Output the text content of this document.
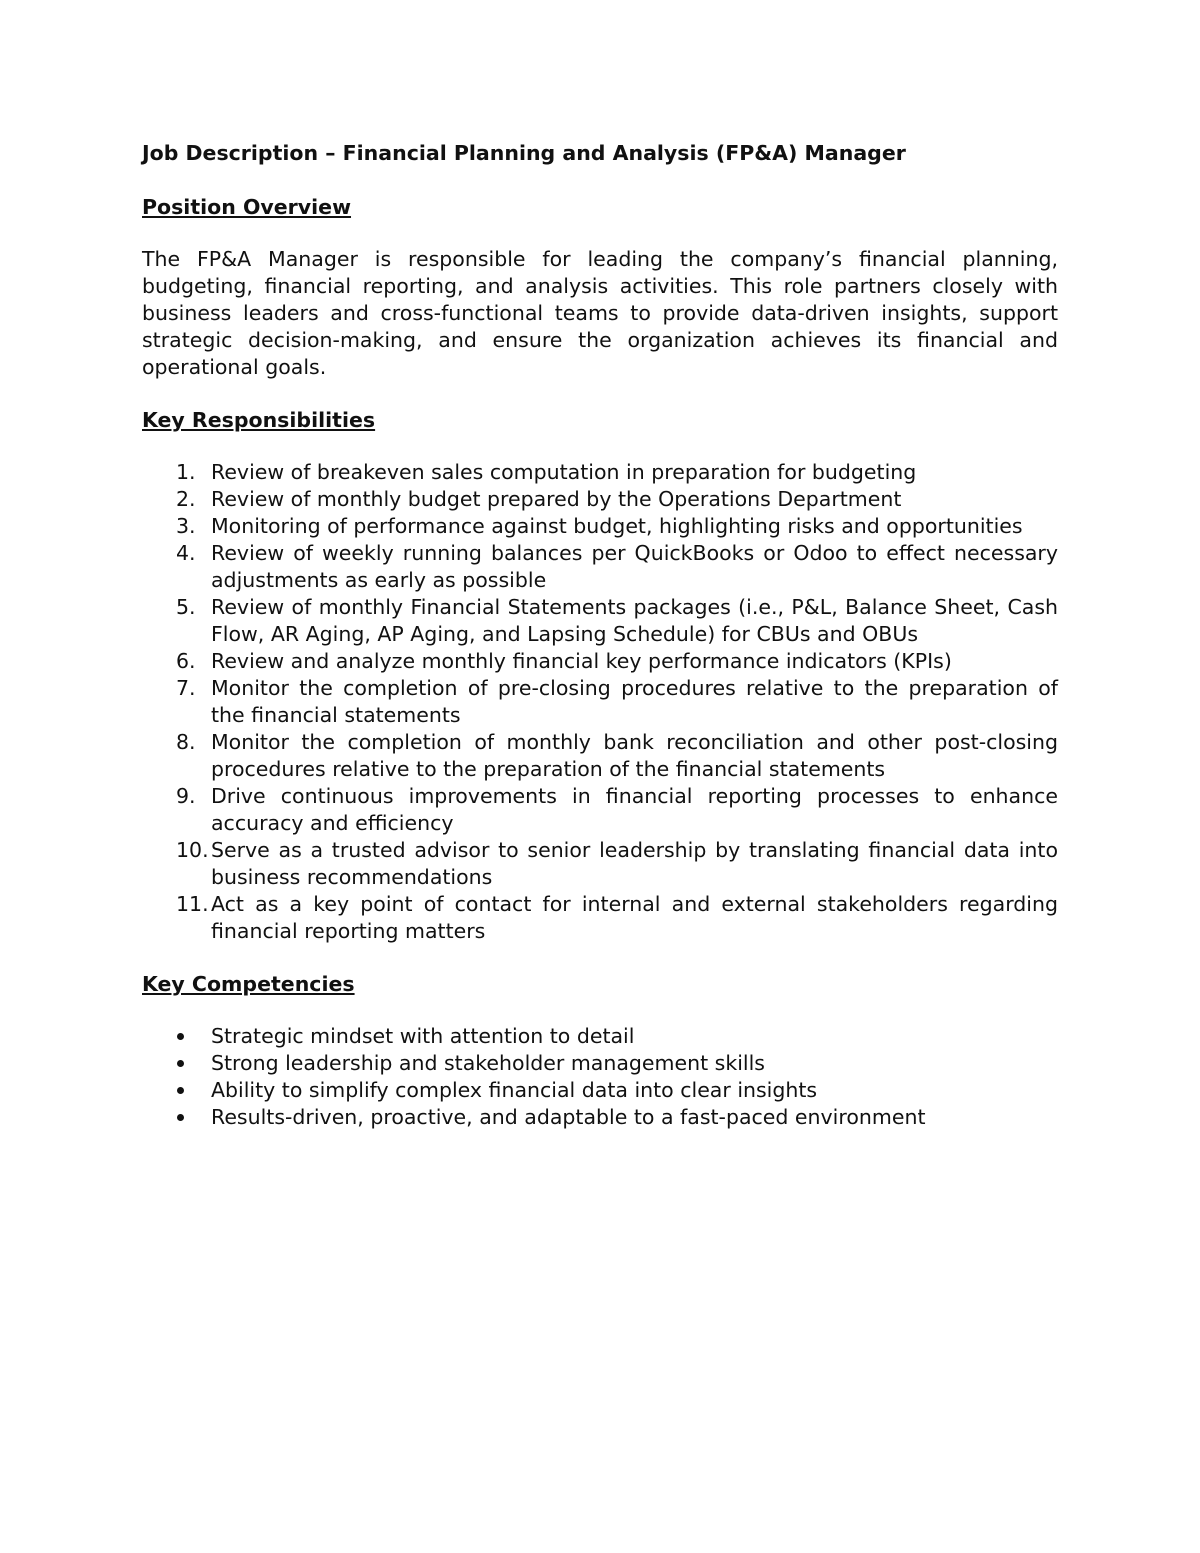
Job Description – Financial Planning and Analysis (FP&A) Manager

Position Overview

The FP&A Manager is responsible for leading the company’s financial planning, budgeting, financial reporting, and analysis activities. This role partners closely with business leaders and cross-functional teams to provide data-driven insights, support strategic decision-making, and ensure the organization achieves its financial and operational goals.

Key Responsibilities

1. Review of breakeven sales computation in preparation for budgeting
2. Review of monthly budget prepared by the Operations Department
3. Monitoring of performance against budget, highlighting risks and opportunities
4. Review of weekly running balances per QuickBooks or Odoo to effect necessary adjustments as early as possible
5. Review of monthly Financial Statements packages (i.e., P&L, Balance Sheet, Cash Flow, AR Aging, AP Aging, and Lapsing Schedule) for CBUs and OBUs
6. Review and analyze monthly financial key performance indicators (KPIs)
7. Monitor the completion of pre-closing procedures relative to the preparation of the financial statements
8. Monitor the completion of monthly bank reconciliation and other post-closing procedures relative to the preparation of the financial statements
9. Drive continuous improvements in financial reporting processes to enhance accuracy and efficiency
10. Serve as a trusted advisor to senior leadership by translating financial data into business recommendations
11. Act as a key point of contact for internal and external stakeholders regarding financial reporting matters

Key Competencies

Strategic mindset with attention to detail
Strong leadership and stakeholder management skills
Ability to simplify complex financial data into clear insights
Results-driven, proactive, and adaptable to a fast-paced environment
